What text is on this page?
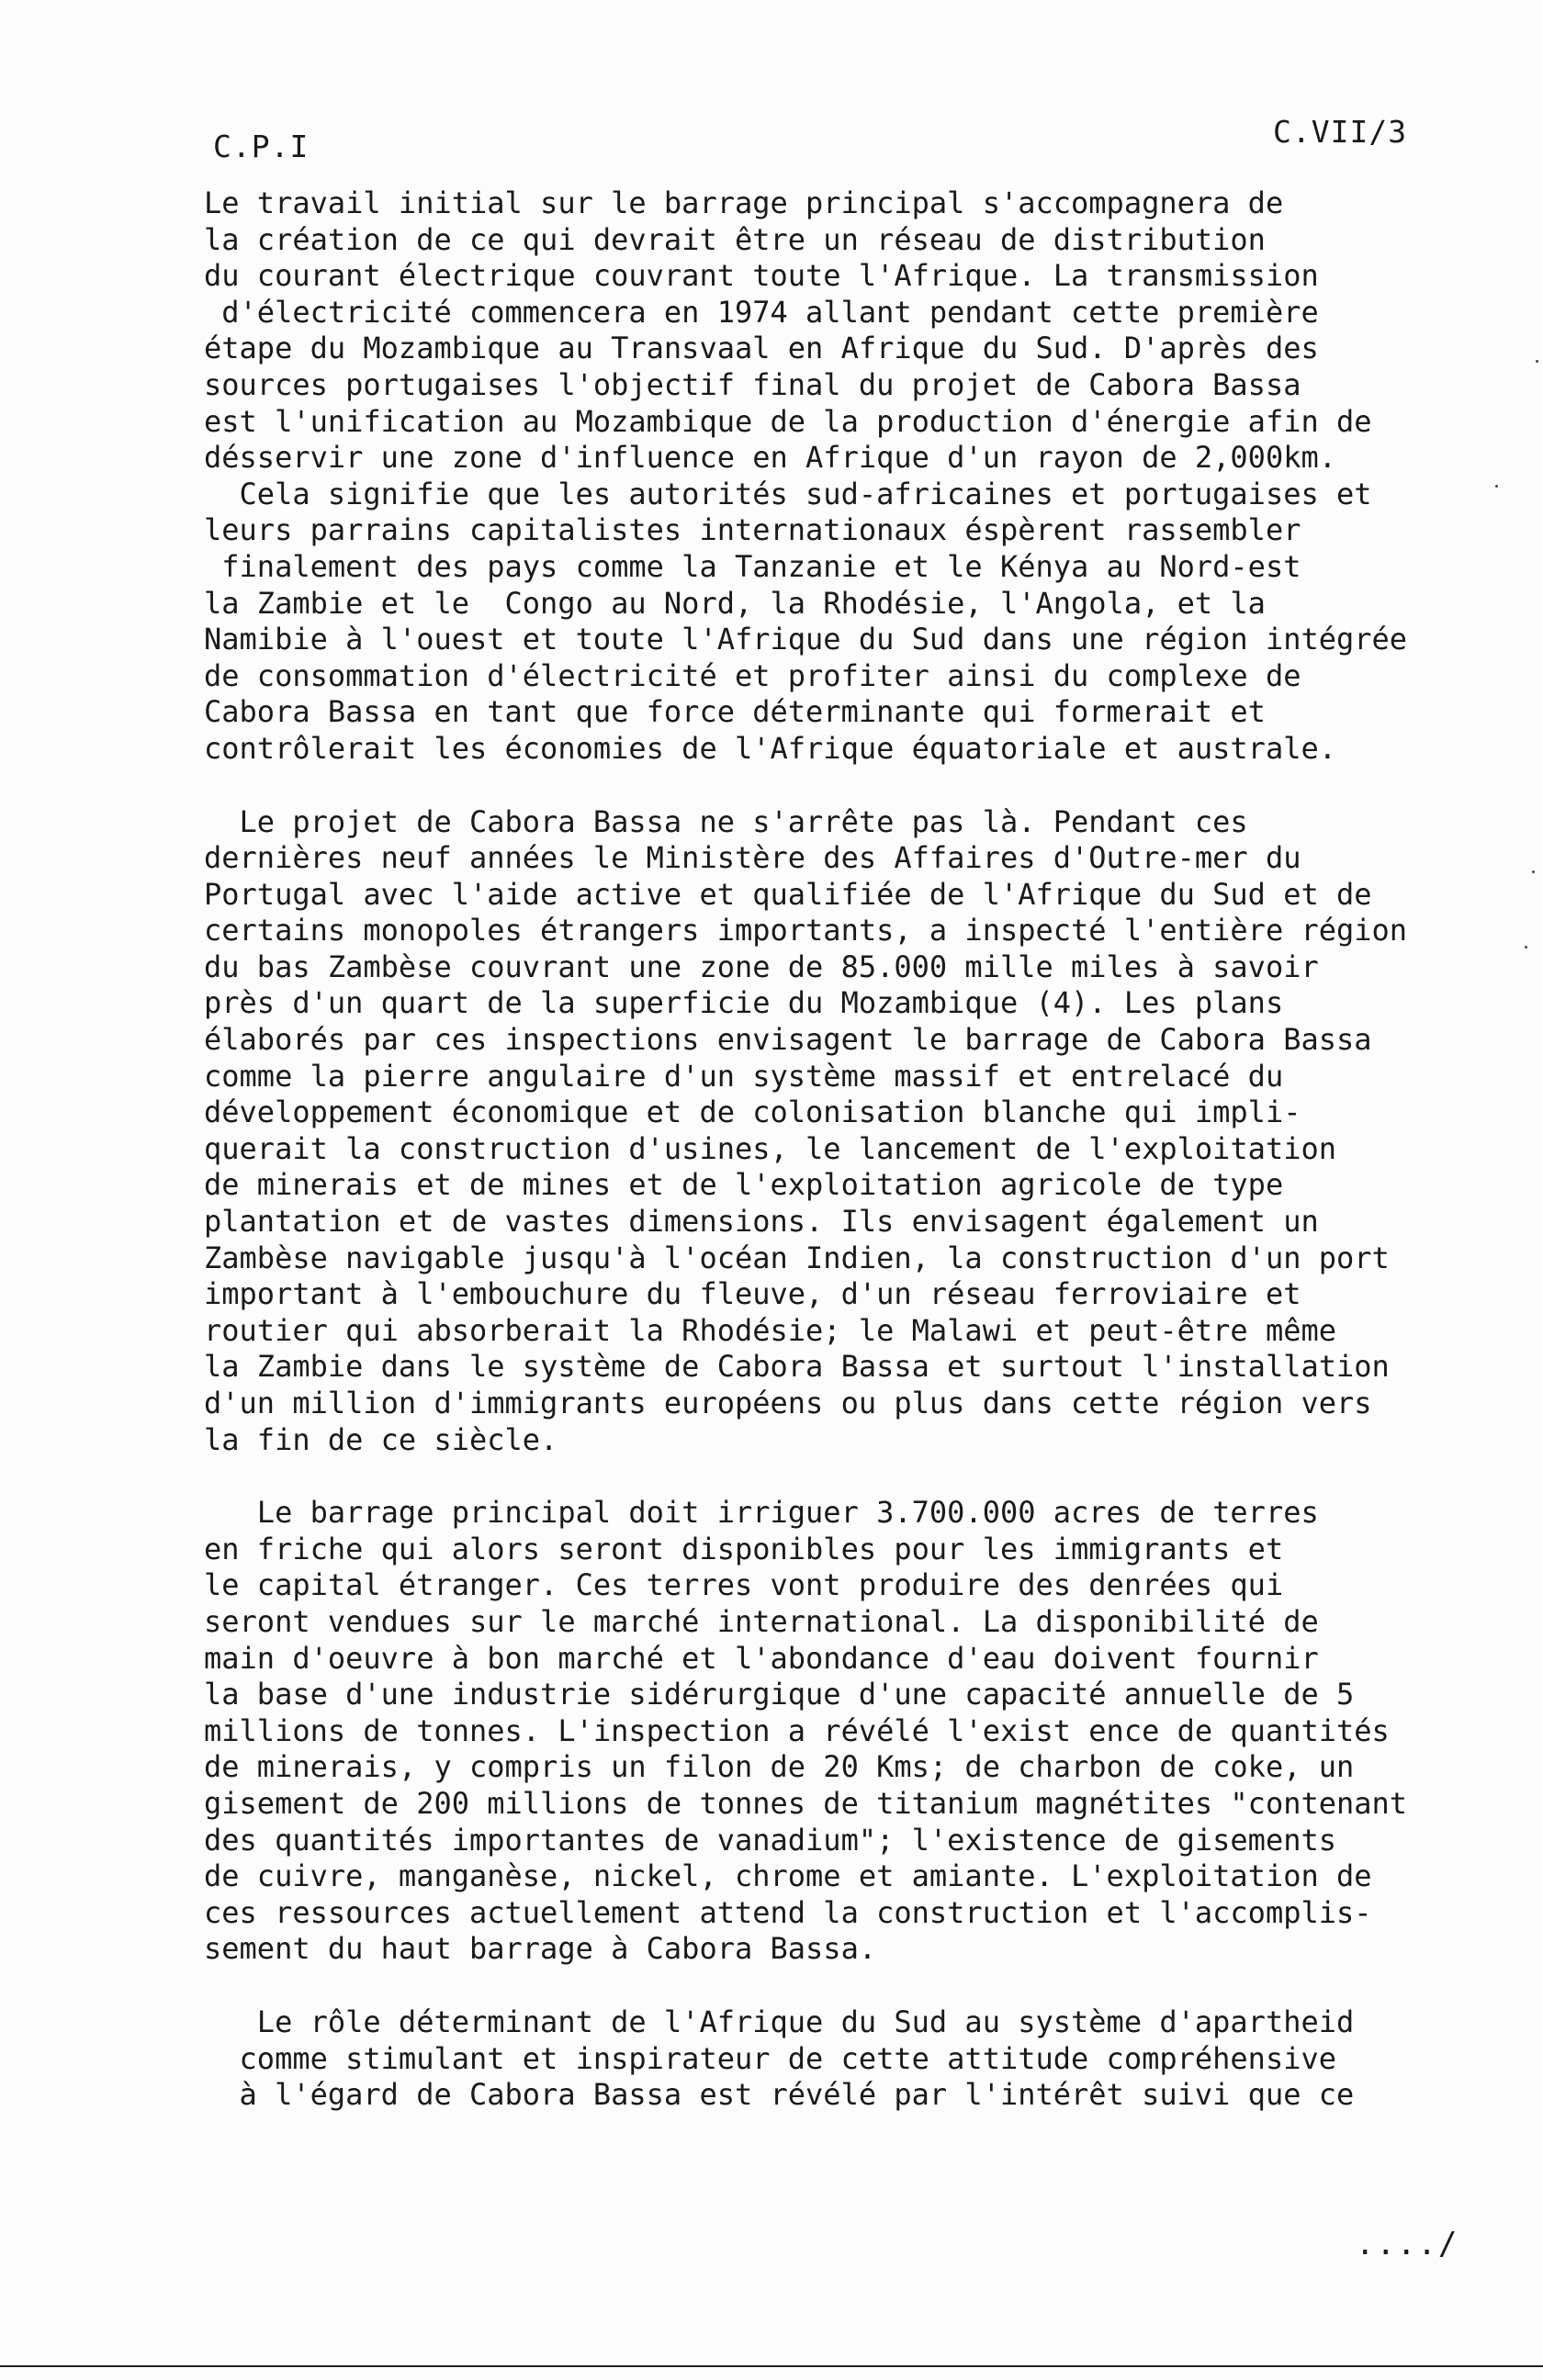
C.P.I	C.VII/3
Le travail initial sur le barrage principal s'accompagnera de
la création de ce qui devrait être un réseau de distribution
du courant électrique couvrant toute l'Afrique. La transmission
d'électricité commencera en 1974 allant pendant cette première
étape du Mozambique au Transvaal en Afrique du Sud. D'après des
sources portugaises l'objectif final du projet de Cabora Bassa
est l'unification au Mozambique de la production d'énergie afin de
désservir une zone d'influence en Afrique d'un rayon de 2,000km.
Cela signifie que les autorités sud-africaines et portugaises et
leurs parrains capitalistes internationaux éspèrent rassembler
finalement des pays comme la Tanzanie et le Kénya au Nord-est
la Zambie et le  Congo au Nord, la Rhodésie, l'Angola, et la
Namibie à l'ouest et toute l'Afrique du Sud dans une région intégrée
de consommation d'électricité et profiter ainsi du complexe de
Cabora Bassa en tant que force déterminante qui formerait et
contrôlerait les économies de l'Afrique équatoriale et australe.
Le projet de Cabora Bassa ne s'arrête pas là. Pendant ces
dernières neuf années le Ministère des Affaires d'Outre-mer du
Portugal avec l'aide active et qualifiée de l'Afrique du Sud et de
certains monopoles étrangers importants, a inspecté l'entière région
du bas Zambèse couvrant une zone de 85.000 mille miles à savoir
près d'un quart de la superficie du Mozambique (4). Les plans
élaborés par ces inspections envisagent le barrage de Cabora Bassa
comme la pierre angulaire d'un système massif et entrelacé du
développement économique et de colonisation blanche qui impli-
querait la construction d'usines, le lancement de l'exploitation
de minerais et de mines et de l'exploitation agricole de type
plantation et de vastes dimensions. Ils envisagent également un
Zambèse navigable jusqu'à l'océan Indien, la construction d'un port
important à l'embouchure du fleuve, d'un réseau ferroviaire et
routier qui absorberait la Rhodésie; le Malawi et peut-être même
la Zambie dans le système de Cabora Bassa et surtout l'installation
d'un million d'immigrants européens ou plus dans cette région vers
la fin de ce siècle.
Le barrage principal doit irriguer 3.700.000 acres de terres
en friche qui alors seront disponibles pour les immigrants et
le capital étranger. Ces terres vont produire des denrées qui
seront vendues sur le marché international. La disponibilité de
main d'oeuvre à bon marché et l'abondance d'eau doivent fournir
la base d'une industrie sidérurgique d'une capacité annuelle de 5
millions de tonnes. L'inspection a révélé l'exist ence de quantités
de minerais, y compris un filon de 20 Kms; de charbon de coke, un
gisement de 200 millions de tonnes de titanium magnétites "contenant
des quantités importantes de vanadium"; l'existence de gisements
de cuivre, manganèse, nickel, chrome et amiante. L'exploitation de
ces ressources actuellement attend la construction et l'accomplis-
sement du haut barrage à Cabora Bassa.
Le rôle déterminant de l'Afrique du Sud au système d'apartheid
comme stimulant et inspirateur de cette attitude compréhensive
à l'égard de Cabora Bassa est révélé par l'intérêt suivi que ce
..../
